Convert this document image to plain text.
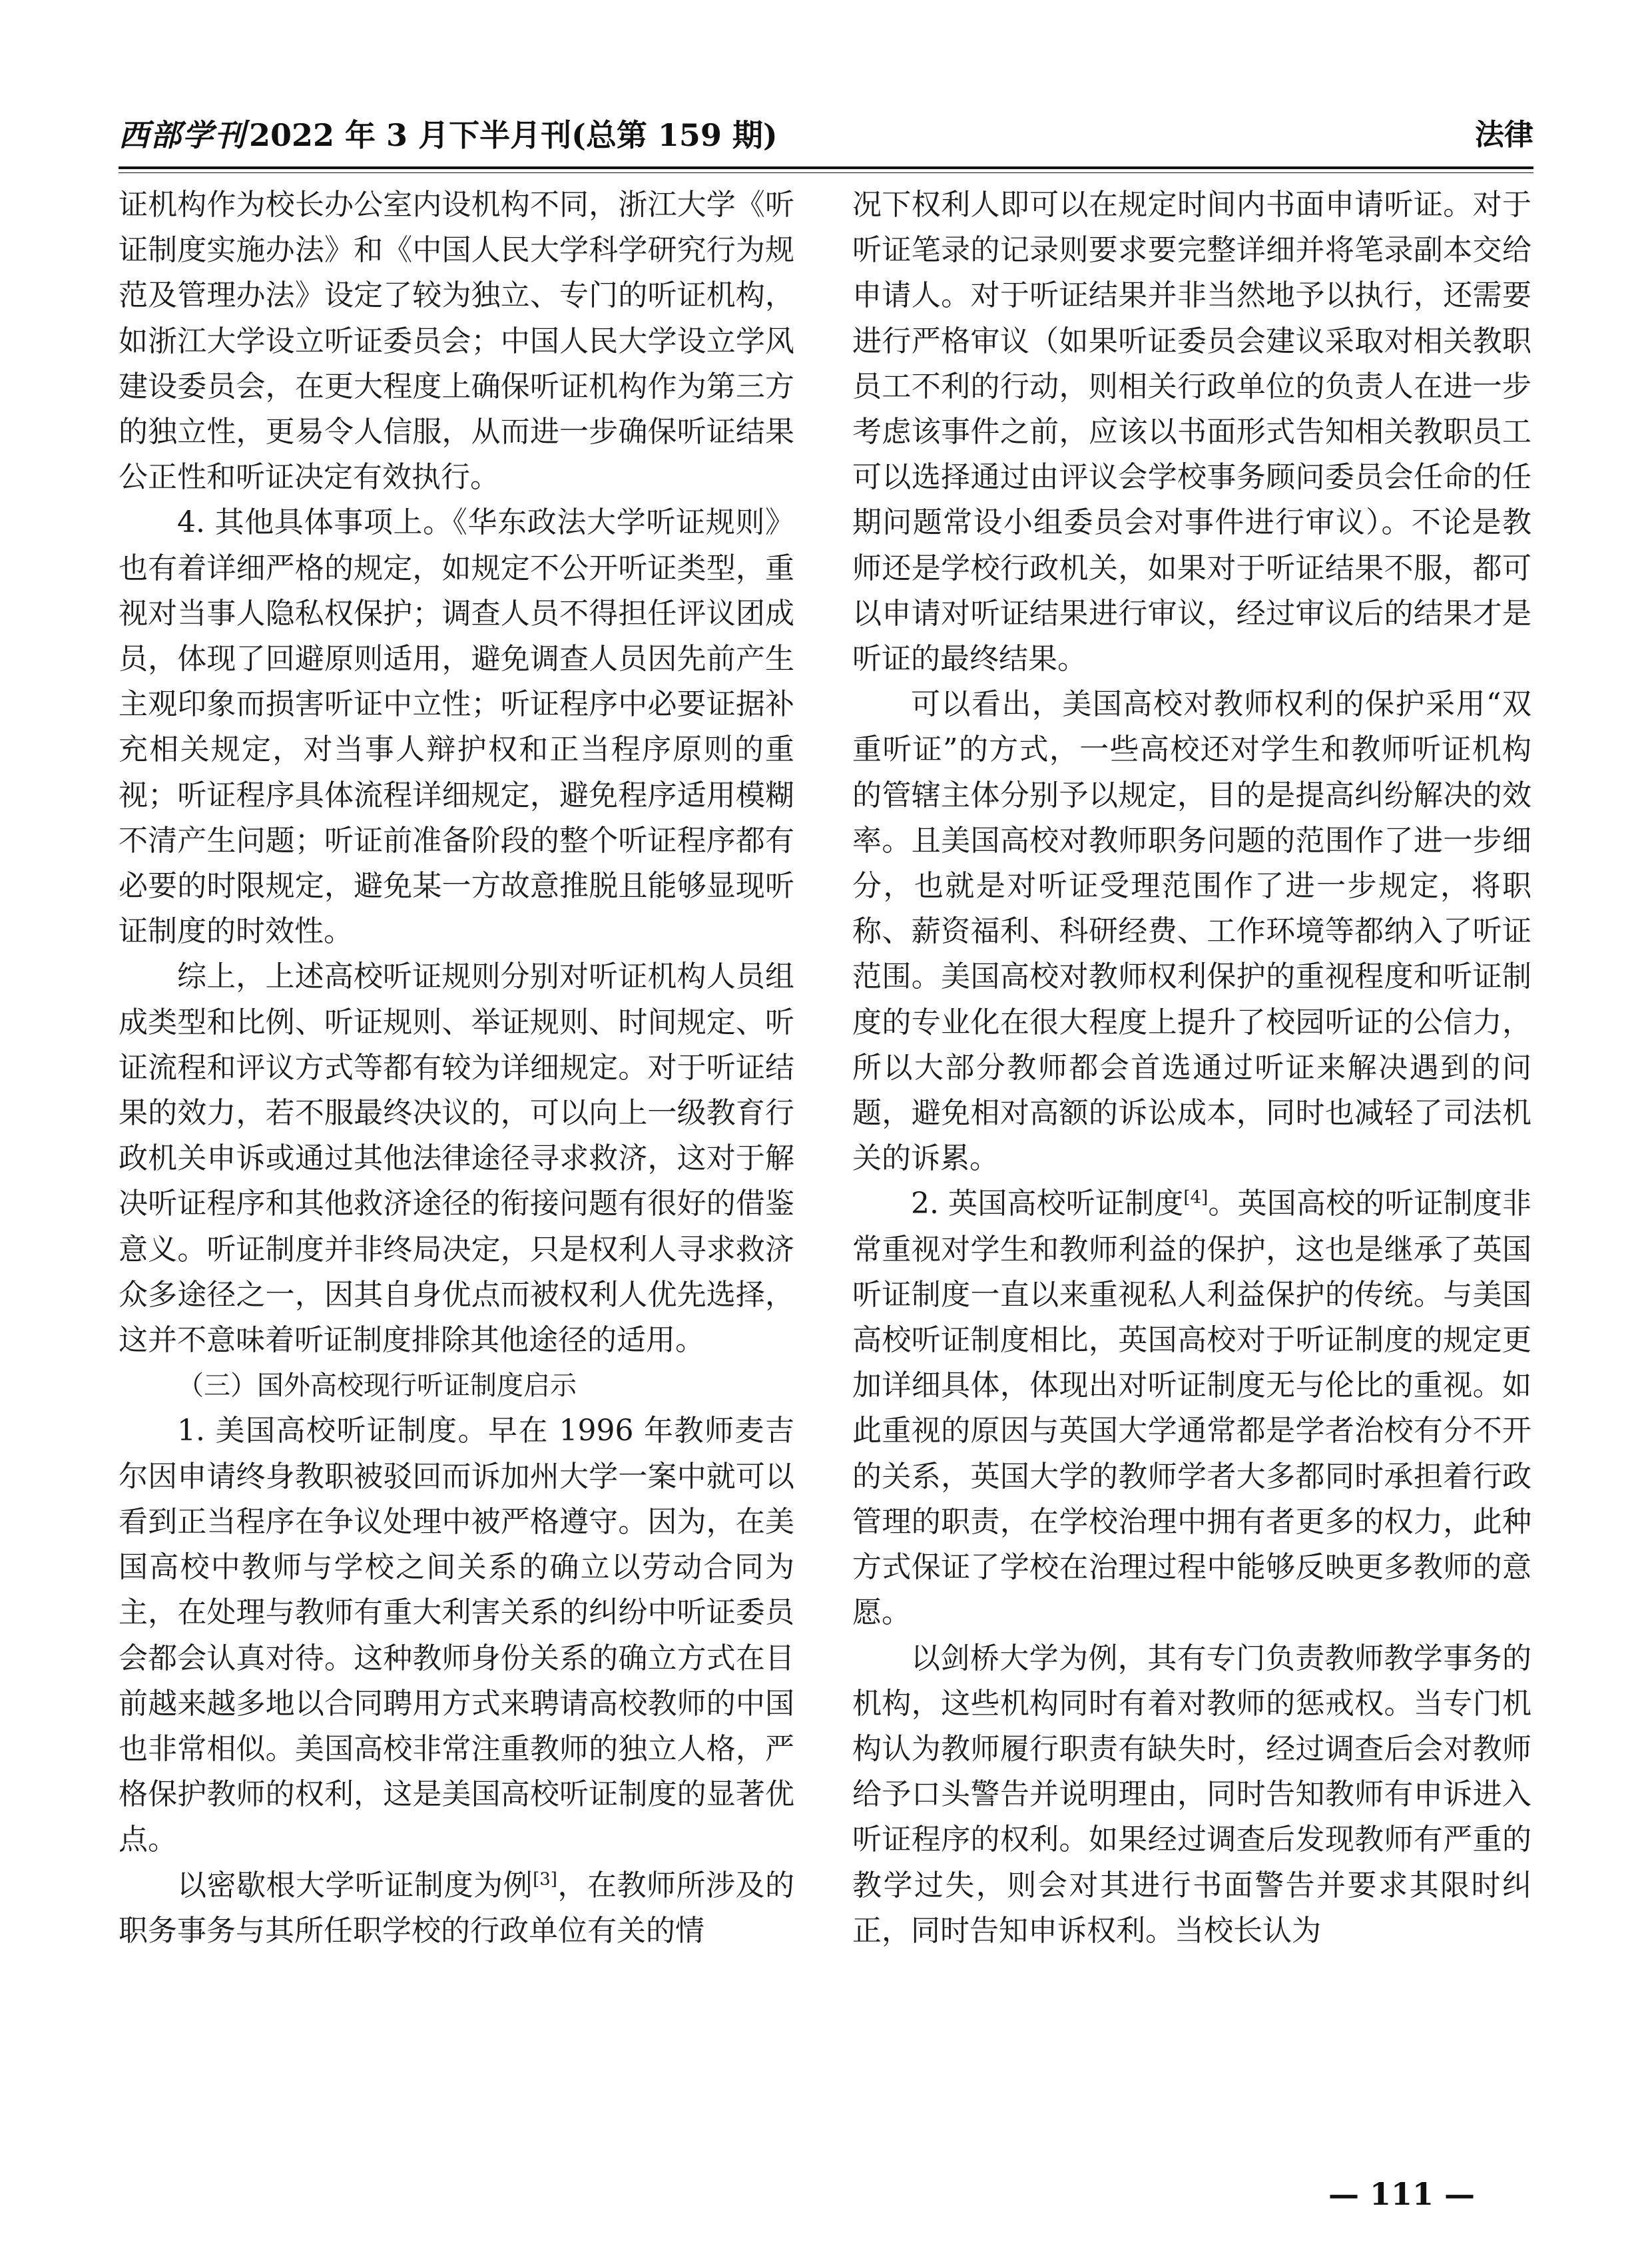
西部学刊2022 年 3 月下半月刊(总第 159 期)	法律

证机构作为校长办公室内设机构不同，浙江大学《听证制度实施办法》和《中国人民大学科学研究行为规范及管理办法》设定了较为独立、专门的听证机构，如浙江大学设立听证委员会；中国人民大学设立学风建设委员会，在更大程度上确保听证机构作为第三方的独立性，更易令人信服，从而进一步确保听证结果公正性和听证决定有效执行。

4. 其他具体事项上。《华东政法大学听证规则》也有着详细严格的规定，如规定不公开听证类型，重视对当事人隐私权保护；调查人员不得担任评议团成员，体现了回避原则适用，避免调查人员因先前产生主观印象而损害听证中立性；听证程序中必要证据补充相关规定，对当事人辩护权和正当程序原则的重视；听证程序具体流程详细规定，避免程序适用模糊不清产生问题；听证前准备阶段的整个听证程序都有必要的时限规定，避免某一方故意推脱且能够显现听证制度的时效性。

综上，上述高校听证规则分别对听证机构人员组成类型和比例、听证规则、举证规则、时间规定、听证流程和评议方式等都有较为详细规定。对于听证结果的效力，若不服最终决议的，可以向上一级教育行政机关申诉或通过其他法律途径寻求救济，这对于解决听证程序和其他救济途径的衔接问题有很好的借鉴意义。听证制度并非终局决定，只是权利人寻求救济众多途径之一，因其自身优点而被权利人优先选择，这并不意味着听证制度排除其他途径的适用。

（三）国外高校现行听证制度启示

1. 美国高校听证制度。早在 1996 年教师麦吉尔因申请终身教职被驳回而诉加州大学一案中就可以看到正当程序在争议处理中被严格遵守。因为，在美国高校中教师与学校之间关系的确立以劳动合同为主，在处理与教师有重大利害关系的纠纷中听证委员会都会认真对待。这种教师身份关系的确立方式在目前越来越多地以合同聘用方式来聘请高校教师的中国也非常相似。美国高校非常注重教师的独立人格，严格保护教师的权利，这是美国高校听证制度的显著优点。

以密歇根大学听证制度为例[3]，在教师所涉及的职务事务与其所任职学校的行政单位有关的情

况下权利人即可以在规定时间内书面申请听证。对于听证笔录的记录则要求要完整详细并将笔录副本交给申请人。对于听证结果并非当然地予以执行，还需要进行严格审议（如果听证委员会建议采取对相关教职员工不利的行动，则相关行政单位的负责人在进一步考虑该事件之前，应该以书面形式告知相关教职员工可以选择通过由评议会学校事务顾问委员会任命的任期问题常设小组委员会对事件进行审议）。不论是教师还是学校行政机关，如果对于听证结果不服，都可以申请对听证结果进行审议，经过审议后的结果才是听证的最终结果。

可以看出，美国高校对教师权利的保护采用“双重听证”的方式，一些高校还对学生和教师听证机构的管辖主体分别予以规定，目的是提高纠纷解决的效率。且美国高校对教师职务问题的范围作了进一步细分，也就是对听证受理范围作了进一步规定，将职称、薪资福利、科研经费、工作环境等都纳入了听证范围。美国高校对教师权利保护的重视程度和听证制度的专业化在很大程度上提升了校园听证的公信力，所以大部分教师都会首选通过听证来解决遇到的问题，避免相对高额的诉讼成本，同时也减轻了司法机关的诉累。

2. 英国高校听证制度[4]。英国高校的听证制度非常重视对学生和教师利益的保护，这也是继承了英国听证制度一直以来重视私人利益保护的传统。与美国高校听证制度相比，英国高校对于听证制度的规定更加详细具体，体现出对听证制度无与伦比的重视。如此重视的原因与英国大学通常都是学者治校有分不开的关系，英国大学的教师学者大多都同时承担着行政管理的职责，在学校治理中拥有者更多的权力，此种方式保证了学校在治理过程中能够反映更多教师的意愿。

以剑桥大学为例，其有专门负责教师教学事务的机构，这些机构同时有着对教师的惩戒权。当专门机构认为教师履行职责有缺失时，经过调查后会对教师给予口头警告并说明理由，同时告知教师有申诉进入听证程序的权利。如果经过调查后发现教师有严重的教学过失，则会对其进行书面警告并要求其限时纠正，同时告知申诉权利。当校长认为

— 111 —
